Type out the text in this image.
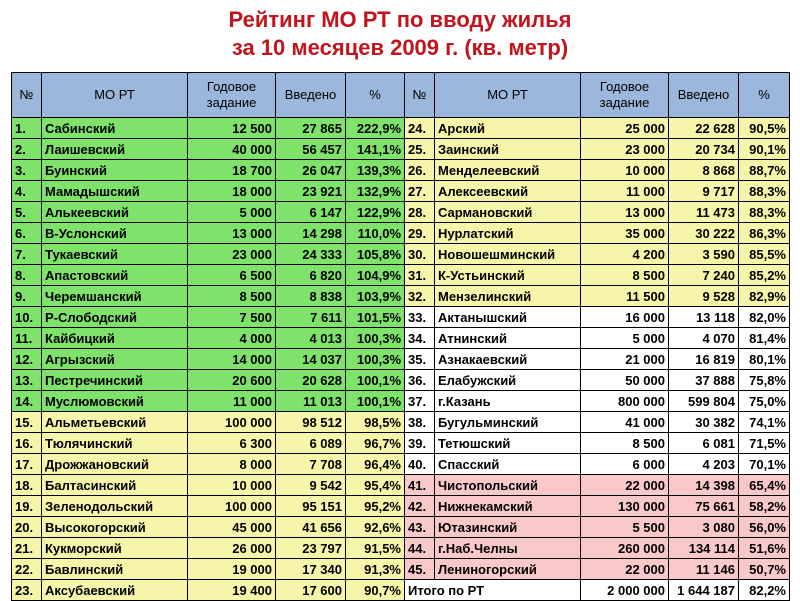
Рейтинг МО РТ по вводу жилья
за 10 месяцев 2009 г. (кв. метр)
№	МО РТ	Годовое задание	Введено	%	№	МО РТ	Годовое задание	Введено	%
1.	Сабинский	12 500	27 865	222,9%	24.	Арский	25 000	22 628	90,5%
2.	Лаишевский	40 000	56 457	141,1%	25.	Заинский	23 000	20 734	90,1%
3.	Буинский	18 700	26 047	139,3%	26.	Менделеевский	10 000	8 868	88,7%
4.	Мамадышский	18 000	23 921	132,9%	27.	Алексеевский	11 000	9 717	88,3%
5.	Алькеевский	5 000	6 147	122,9%	28.	Сармановский	13 000	11 473	88,3%
6.	В-Услонский	13 000	14 298	110,0%	29.	Нурлатский	35 000	30 222	86,3%
7.	Тукаевский	23 000	24 333	105,8%	30.	Новошешминский	4 200	3 590	85,5%
8.	Апастовский	6 500	6 820	104,9%	31.	К-Устьинский	8 500	7 240	85,2%
9.	Черемшанский	8 500	8 838	103,9%	32.	Мензелинский	11 500	9 528	82,9%
10.	Р-Слободский	7 500	7 611	101,5%	33.	Актанышский	16 000	13 118	82,0%
11.	Кайбицкий	4 000	4 013	100,3%	34.	Атнинский	5 000	4 070	81,4%
12.	Агрызский	14 000	14 037	100,3%	35.	Азнакаевский	21 000	16 819	80,1%
13.	Пестречинский	20 600	20 628	100,1%	36.	Елабужский	50 000	37 888	75,8%
14.	Муслюмовский	11 000	11 013	100,1%	37.	г.Казань	800 000	599 804	75,0%
15.	Альметьевский	100 000	98 512	98,5%	38.	Бугульминский	41 000	30 382	74,1%
16.	Тюлячинский	6 300	6 089	96,7%	39.	Тетюшский	8 500	6 081	71,5%
17.	Дрожжановский	8 000	7 708	96,4%	40.	Спасский	6 000	4 203	70,1%
18.	Балтасинский	10 000	9 542	95,4%	41.	Чистопольский	22 000	14 398	65,4%
19.	Зеленодольский	100 000	95 151	95,2%	42.	Нижнекамский	130 000	75 661	58,2%
20.	Высокогорский	45 000	41 656	92,6%	43.	Ютазинский	5 500	3 080	56,0%
21.	Кукморский	26 000	23 797	91,5%	44.	г.Наб.Челны	260 000	134 114	51,6%
22.	Бавлинский	19 000	17 340	91,3%	45.	Лениногорский	22 000	11 146	50,7%
23.	Аксубаевский	19 400	17 600	90,7%	Итого по РТ		2 000 000	1 644 187	82,2%
